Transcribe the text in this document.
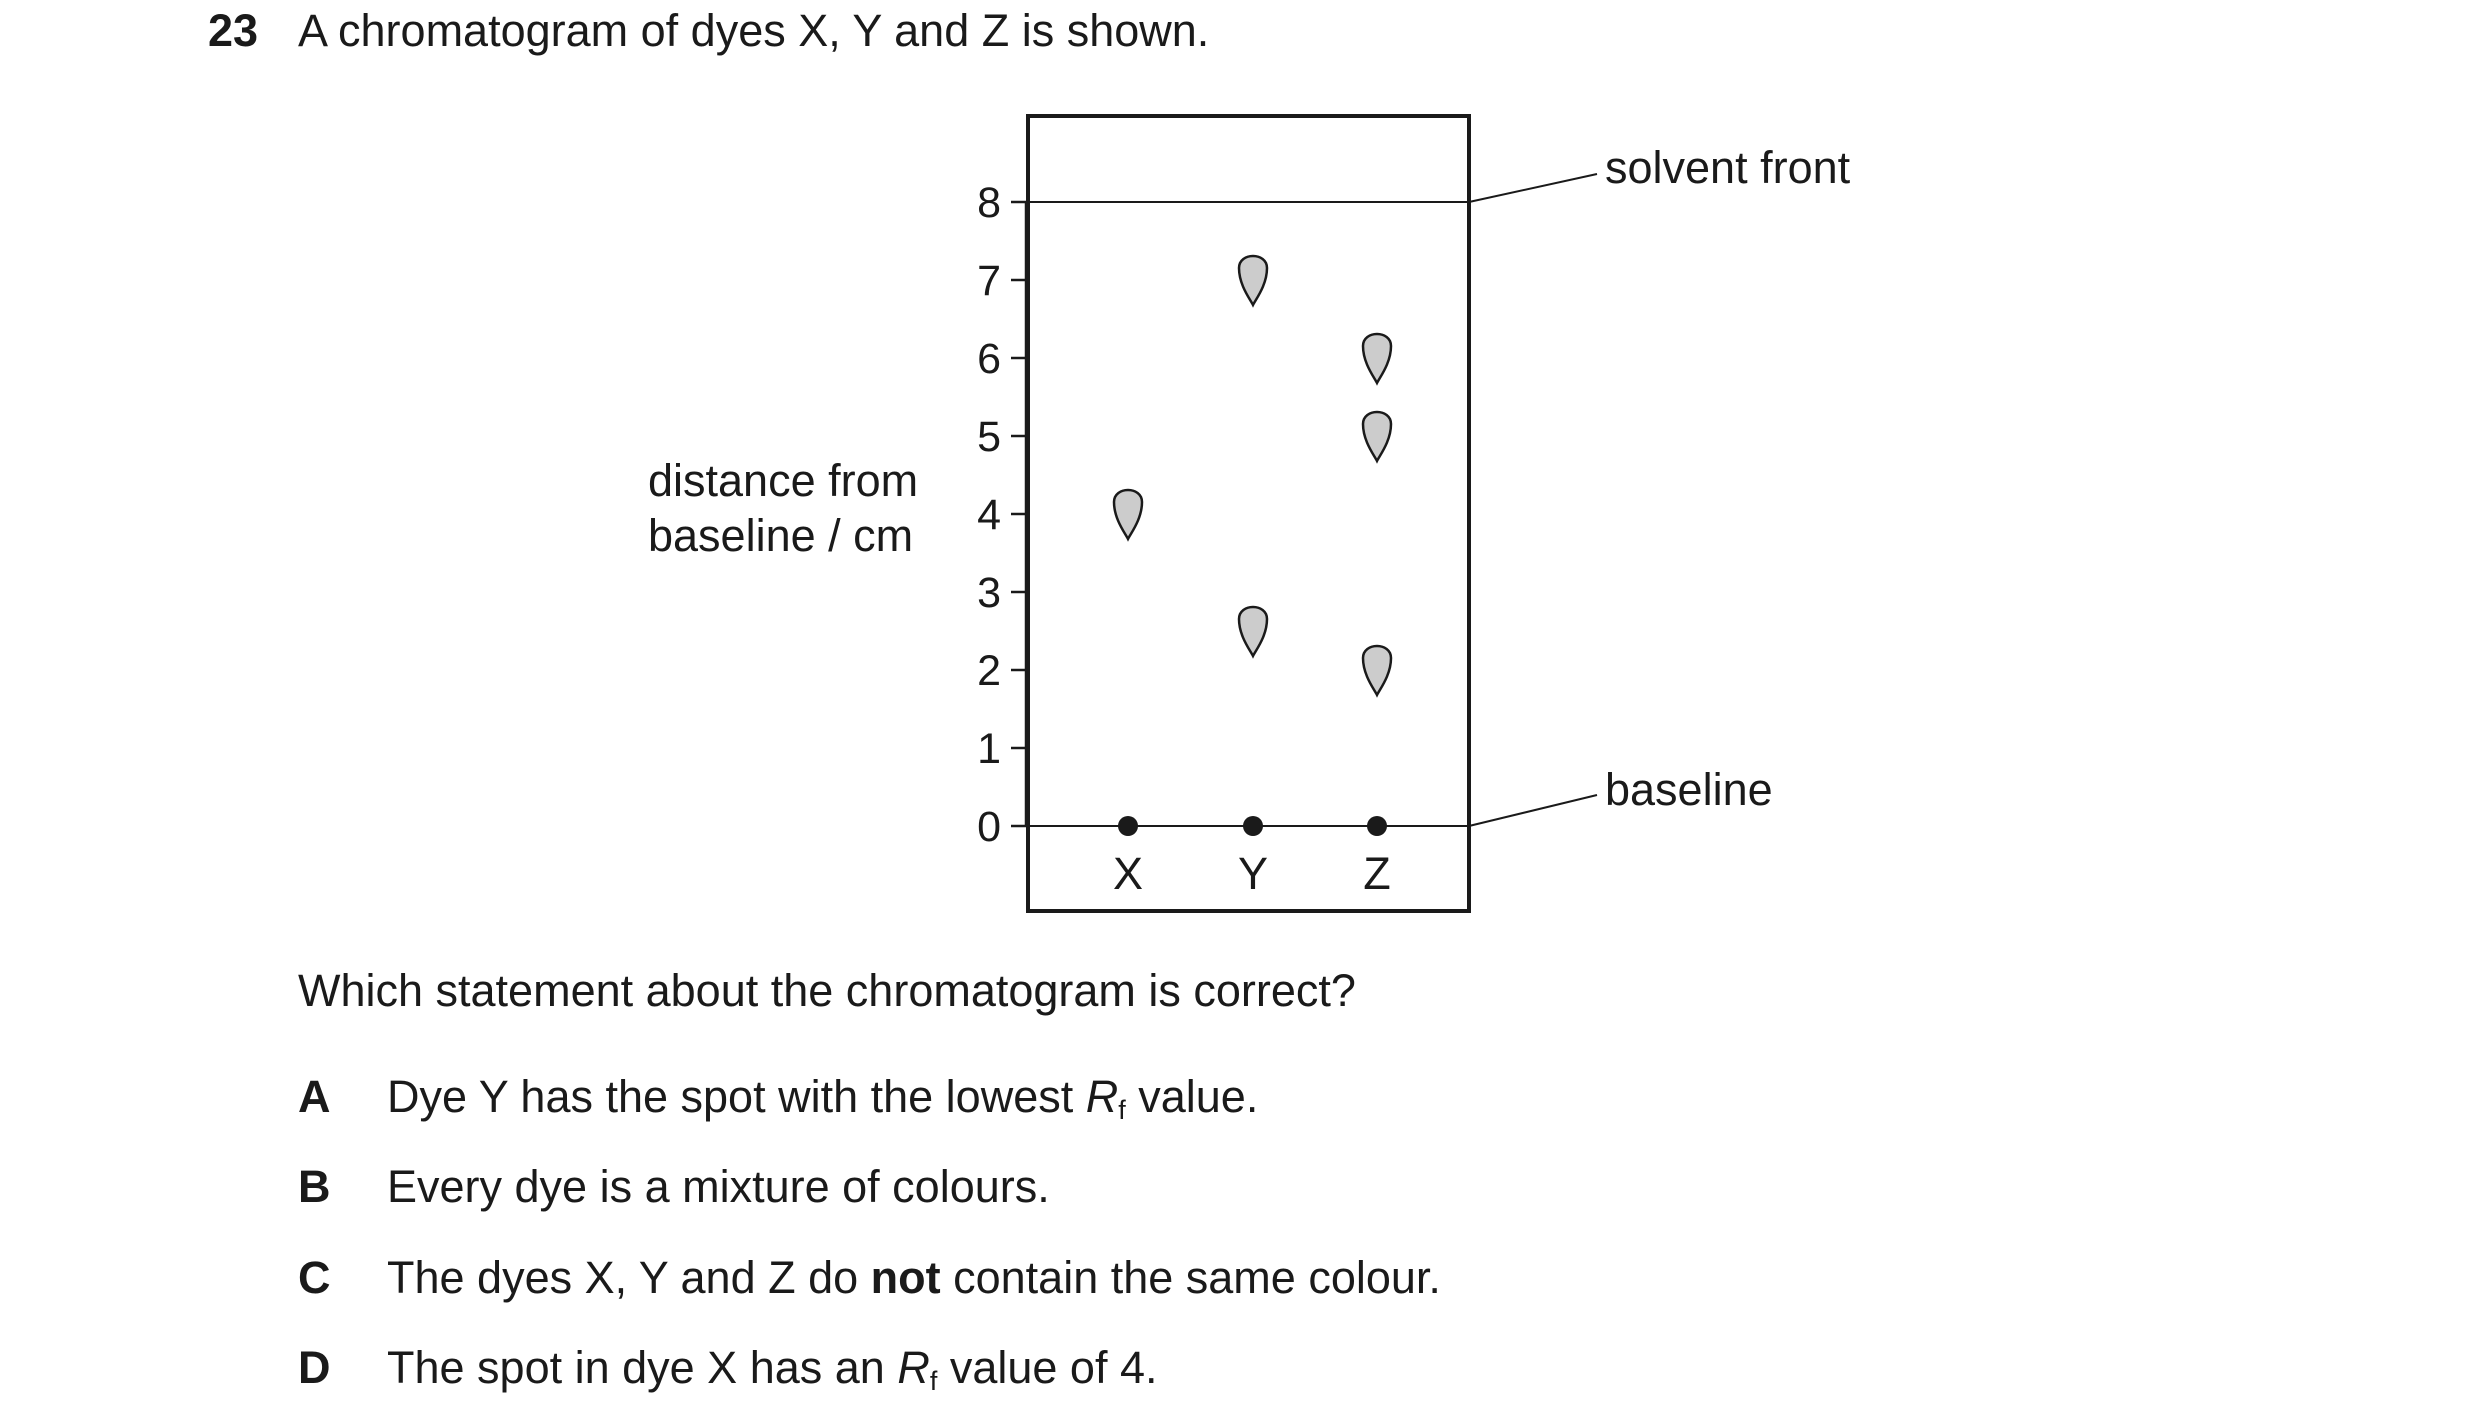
23 A chromatogram of dyes X, Y and Z is shown.
0
1
2
3
4
5
6
7
8
solvent front
baseline
distance from
baseline / cm
X Y Z
Which statement about the chromatogram is correct?
A Dye Y has the spot with the lowest Rf value.
B Every dye is a mixture of colours.
C The dyes X, Y and Z do not contain the same colour.
D The spot in dye X has an Rf value of 4.
